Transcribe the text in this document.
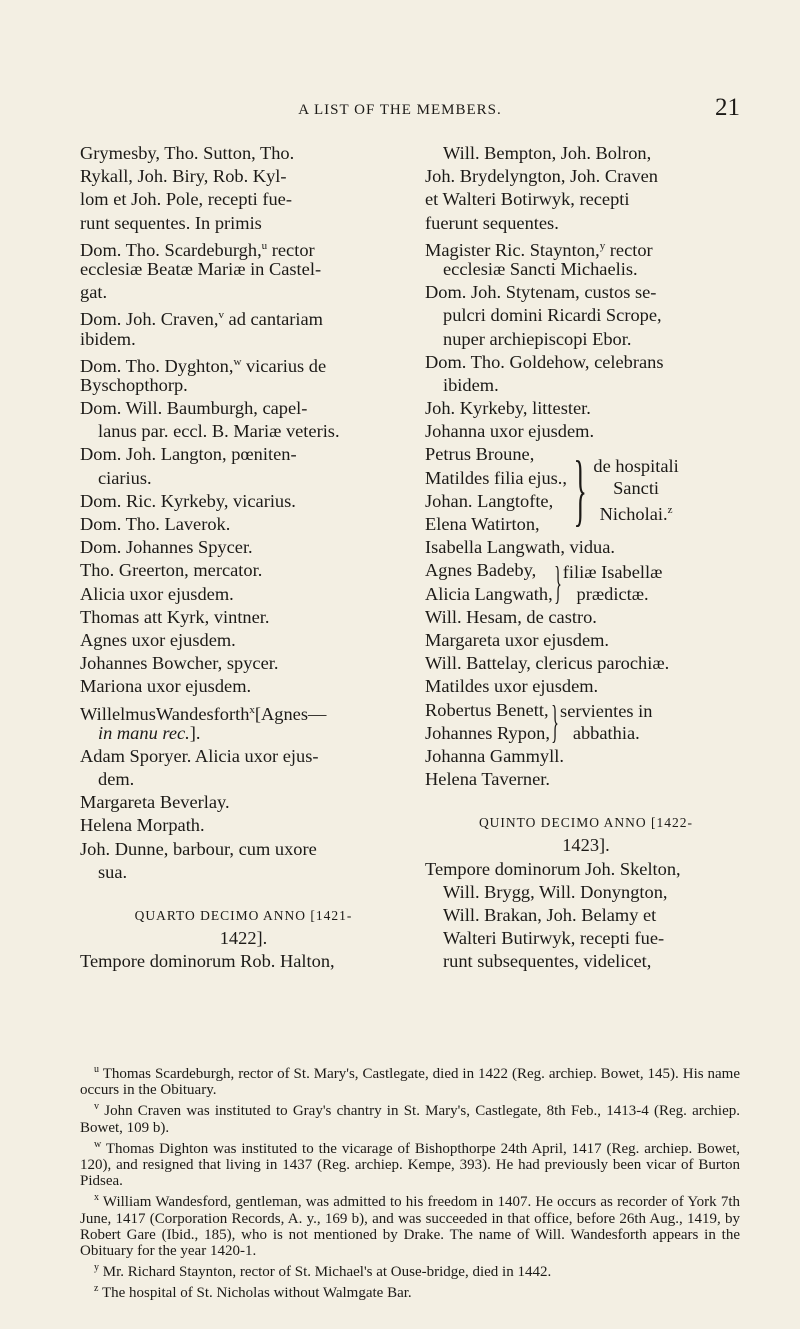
A LIST OF THE MEMBERS.	21
Grymesby, Tho. Sutton, Tho.
Rykall, Joh. Biry, Rob. Kyl-
lom et Joh. Pole, recepti fue-
runt sequentes. In primis
Dom. Tho. Scardeburgh,$^u$ rector
ecclesiæ Beatæ Mariæ in Castel-
gat.
Dom. Joh. Craven,$^v$ ad cantariam
ibidem.
Dom. Tho. Dyghton,$^w$ vicarius de
Byschopthorp.
Dom. Will. Baumburgh, capel-
lanus par. eccl. B. Mariæ veteris.
Dom. Joh. Langton, pœniten-
ciarius.
Dom. Ric. Kyrkeby, vicarius.
Dom. Tho. Laverok.
Dom. Johannes Spycer.
Tho. Greerton, mercator.
Alicia uxor ejusdem.
Thomas att Kyrk, vintner.
Agnes uxor ejusdem.
Johannes Bowcher, spycer.
Mariona uxor ejusdem.
WillelmusWandesforth$^x$[Agnes—
in manu rec.].
Adam Sporyer. Alicia uxor ejus-
dem.
Margareta Beverlay.
Helena Morpath.
Joh. Dunne, barbour, cum uxore
sua.
QUARTO DECIMO ANNO [1421-
1422].
Tempore dominorum Rob. Halton,
Will. Bempton, Joh. Bolron,
Joh. Brydelyngton, Joh. Craven
et Walteri Botirwyk, recepti
fuerunt sequentes.
Magister Ric. Staynton,$^y$ rector
ecclesiæ Sancti Michaelis.
Dom. Joh. Stytenam, custos se-
pulcri domini Ricardi Scrope,
nuper archiepiscopi Ebor.
Dom. Tho. Goldehow, celebrans
ibidem.
Joh. Kyrkeby, littester.
Johanna uxor ejusdem.
Petrus Broune,
Matildes filia ejus.,
Johan. Langtofte,
Elena Watirton, } de hospitali
Sancti
Nicholai.$^z$
Isabella Langwath, vidua.
Agnes Badeby,
Alicia Langwath, } filiæ Isabellæ
prædictæ.
Will. Hesam, de castro.
Margareta uxor ejusdem.
Will. Battelay, clericus parochiæ.
Matildes uxor ejusdem.
Robertus Benett,
Johannes Rypon, } servientes in
abbathia.
Johanna Gammyll.
Helena Taverner.
QUINTO DECIMO ANNO [1422-
1423].
Tempore dominorum Joh. Skelton,
Will. Brygg, Will. Donyngton,
Will. Brakan, Joh. Belamy et
Walteri Butirwyk, recepti fue-
runt subsequentes, videlicet,
$^u$ Thomas Scardeburgh, rector of St. Mary's, Castlegate, died in 1422 (Reg. archiep. Bowet, 145). His name occurs in the Obituary.
$^v$ John Craven was instituted to Gray's chantry in St. Mary's, Castlegate, 8th Feb., 1413-4 (Reg. archiep. Bowet, 109 b).
$^w$ Thomas Dighton was instituted to the vicarage of Bishopthorpe 24th April, 1417 (Reg. archiep. Bowet, 120), and resigned that living in 1437 (Reg. archiep. Kempe, 393). He had previously been vicar of Burton Pidsea.
$^x$ William Wandesford, gentleman, was admitted to his freedom in 1407. He occurs as recorder of York 7th June, 1417 (Corporation Records, A. y., 169 b), and was succeeded in that office, before 26th Aug., 1419, by Robert Gare (Ibid., 185), who is not mentioned by Drake. The name of Will. Wandesforth appears in the Obituary for the year 1420-1.
$^y$ Mr. Richard Staynton, rector of St. Michael's at Ouse-bridge, died in 1442.
$^z$ The hospital of St. Nicholas without Walmgate Bar.
